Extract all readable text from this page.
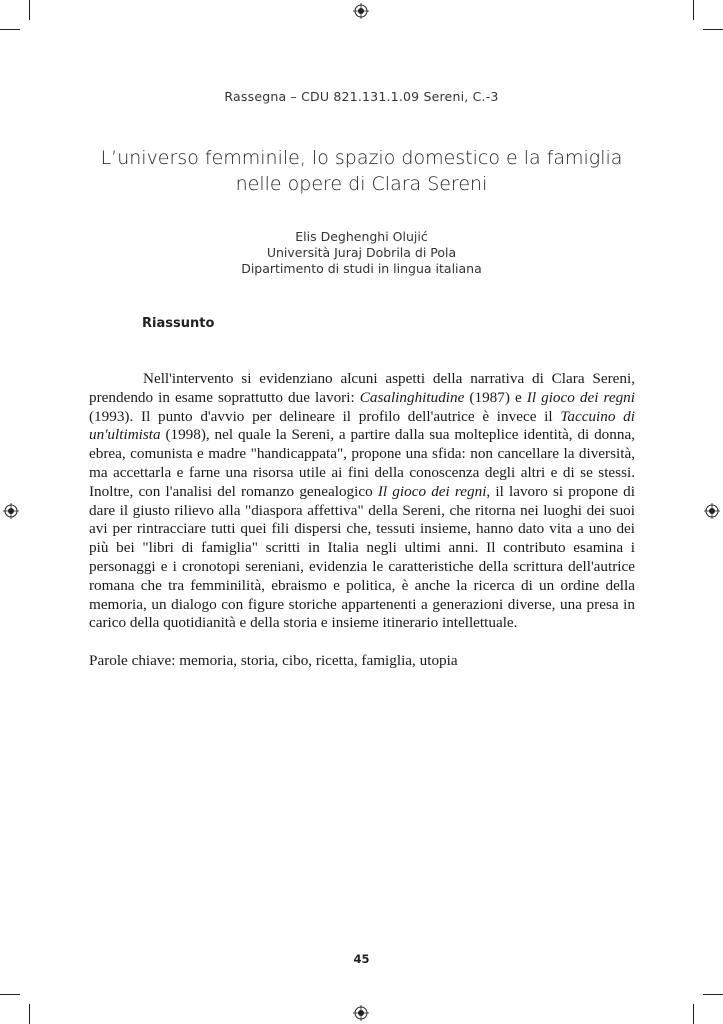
Rassegna – CDU 821.131.1.09 Sereni, C.-3
L’universo femminile, lo spazio domestico e la famiglia
nelle opere di Clara Sereni
Elis Deghenghi Olujić
Università Juraj Dobrila di Pola
Dipartimento di studi in lingua italiana
Riassunto

Nell'intervento si evidenziano alcuni aspetti della narrativa di Clara Sereni, prendendo in esame soprattutto due lavori: Casalinghitudine (1987) e Il gioco dei regni (1993). Il punto d'avvio per delineare il profilo dell'autrice è invece il Taccuino di un'ultimista (1998), nel quale la Sereni, a partire dalla sua molteplice identità, di donna, ebrea, comunista e madre "handicappata", propone una sfida: non cancellare la diversità, ma accettarla e farne una risorsa utile ai fini della conoscenza degli altri e di se stessi. Inoltre, con l'analisi del romanzo genealogico Il gioco dei regni, il lavoro si propone di dare il giusto rilievo alla "diaspora affettiva" della Sereni, che ritorna nei luoghi dei suoi avi per rintracciare tutti quei fili dispersi che, tessuti insieme, hanno dato vita a uno dei più bei "libri di famiglia" scritti in Italia negli ultimi anni. Il contributo esamina i personaggi e i cronotopi sereniani, evidenzia le caratteristiche della scrittura dell'autrice romana che tra femminilità, ebraismo e politica, è anche la ricerca di un ordine della memoria, un dialogo con figure storiche appartenenti a generazioni diverse, una presa in carico della quotidianità e della storia e insieme itinerario intellettuale.

Parole chiave: memoria, storia, cibo, ricetta, famiglia, utopia
45
